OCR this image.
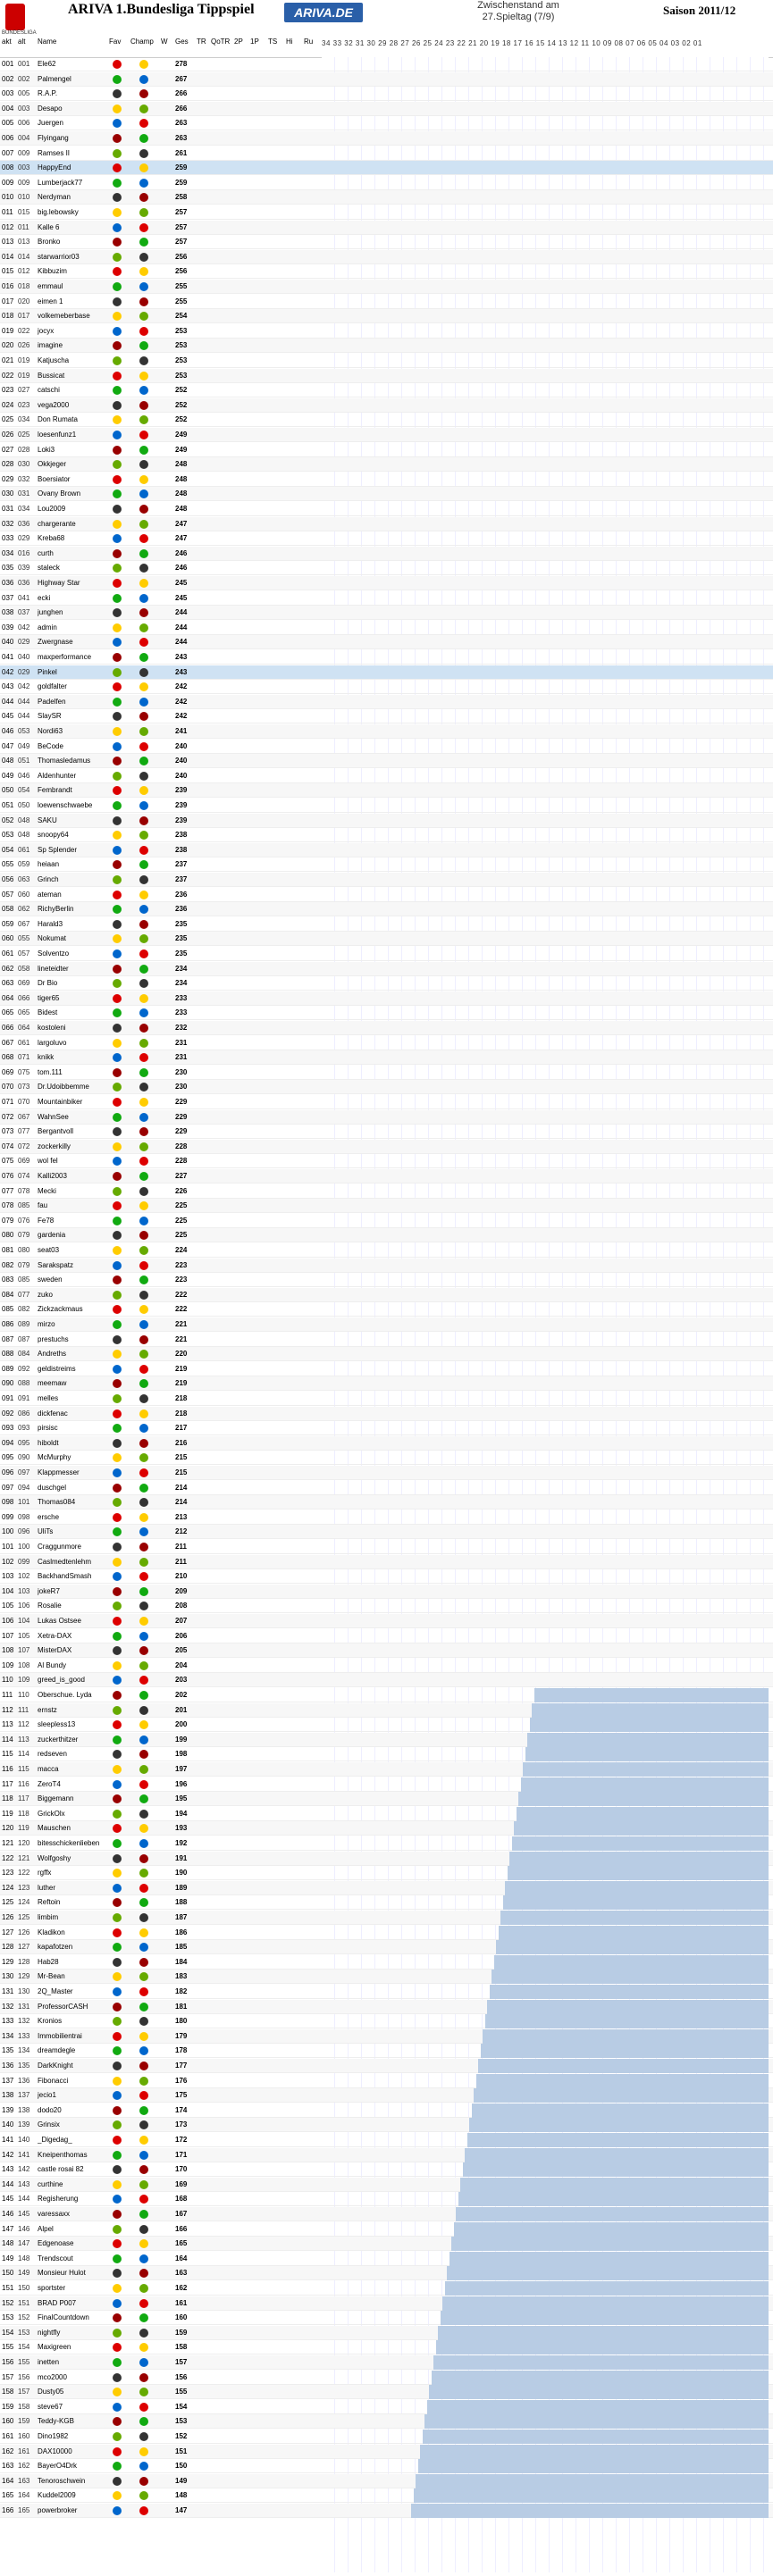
BUNDESLIGA
ARIVA 1.Bundesliga Tippspiel	ARIVA.DE	Zwischenstand am
27.Spieltag (7/9)	Saison 2011/12
akt alt Name	Fav Champ W Ges TR QoTR 2P 1P TS Hi Ru 34 33 32 31 30 29 28 27 26 25 24 23 22 21 20 19 18 17 16 15 14 13 12 11 10 09 08 07 06 05 04 03 02 01
001 001	Ele62	278
002 002	Palmengel	267
003 005	R.A.P.	266
004 003	Desapo	266
005 006	Juergen	263
006 004	Flyingang	263
007 009	Ramses II	261
008 003	HappyEnd	259
009 009	Lumberjack77	259
010 010	Nerdyman	258
011 015	big.lebowsky	257
012 011	Kalle 6	257
013 013	Bronko	257
014 014	starwarrior03	256
015 012	Kibbuzim	256
016 018	emmaul	255
017 020	eimen 1	255
018 017	volkemeberbase	254
019 022	jocyx	253
020 026	imagine	253
021 019	Katjuscha	253
022 019	Bussicat	253
023 027	catschi	252
024 023	vega2000	252
025 034	Don Rumata	252
026 025	loesenfunz1	249
027 028	Loki3	249
028 030	Okkjeger	248
029 032	Boersiator	248
030 031	Ovany Brown	248
031 034	Lou2009	248
032 036	chargerante	247
033 029	Kreba68	247
034 016	curth	246
035 039	staleck	246
036 036	Highway Star	245
037 041	ecki	245
038 037	junghen	244
039 042	admin	244
040 029	Zwergnase	244
041 040	maxperformance	243
042 029	Pinkel	243
043 042	goldfalter	242
044 044	Padelfen	242
045 044	SlaySR	242
046 053	Nordi63	241
047 049	BeCode	240
048 051	Thomasledamus	240
049 046	Aldenhunter	240
050 054	Fembrandt	239
051 050	loewenschwaebe	239
052 048	SAKU	239
053 048	snoopy64	238
054 061	Sp Splender	238
055 059	heiaan	237
056 063	Grinch	237
057 060	ateman	236
058 062	RichyBerlin	236
059 067	Harald3	235
060 055	Nokumat	235
061 057	Solventzo	235
062 058	lineteidter	234
063 069	Dr Bio	234
064 066	tiger65	233
065 065	Bidest	233
066 064	kostoleni	232
067 061	largoluvo	231
068 071	knikk	231
069 075	tom.111	230
070 073	Dr.Udoibbemme	230
071 070	Mountainbiker	229
072 067	WahnSee	229
073 077	Bergantvoll	229
074 072	zockerkilly	228
075 069	wol fel	228
076 074	Kalli2003	227
077 078	Mecki	226
078 085	fau	225
079 076	Fe78	225
080 079	gardenia	225
081 080	seat03	224
082 079	Sarakspatz	223
083 085	sweden	223
084 077	zuko	222
085 082	Zickzackmaus	222
086 089	mirzo	221
087 087	prestuchs	221
088 084	Andreths	220
089 092	geldistreims	219
090 088	meemaw	219
091 091	melles	218
092 086	dickfenac	218
093 093	pirsisc	217
094 095	hiboldt	216
095 090	McMurphy	215
096 097	Klappmesser	215
097 094	duschgel	214
098 101	Thomas084	214
099 098	ersche	213
100 096	UliTs	212
101 100	Craggunmore	211
102 099	Caslmedtenlehm	211
103 102	BackhandSmash	210
104 103	jokeR7	209
105 106	Rosalie	208
106 104	Lukas Ostsee	207
107 105	Xetra-DAX	206
108 107	MisterDAX	205
109 108	Al Bundy	204
110 109	greed_is_good	203
111 110	Oberschue. Lyda	202
112 111	ernstz	201
113 112	sleepless13	200
114 113	zuckerthitzer	199
115 114	redseven	198
116 115	macca	197
117 116	ZeroT4	196
118 117	Biggemann	195
119 118	GrickOlx	194
120 119	Mauschen	193
121 120	bitesschickenlieben	192
122 121	Wolfgoshy	191
123 122	rgffx	190
124 123	luther	189
125 124	Reftoin	188
126 125	limbim	187
127 126	Kladikon	186
128 127	kapafotzen	185
129 128	Hab28	184
130 129	Mr-Bean	183
131 130	2Q_Master	182
132 131	ProfessorCASH	181
133 132	Kronios	180
134 133	Immobilientrai	179
135 134	dreamdegle	178
136 135	DarkKnight	177
137 136	Fibonacci	176
138 137	jecio1	175
139 138	dodo20	174
140 139	Grinsix	173
141 140	_Digedag_	172
142 141	Kneipenthomas	171
143 142	castle rosai 82	170
144 143	curthine	169
145 144	Regisherung	168
146 145	varessaxx	167
147 146	Alpel	166
148 147	Edgenoase	165
149 148	Trendscout	164
150 149	Monsieur Hulot	163
151 150	sportster	162
152 151	BRAD P007	161
153 152	FinalCountdown	160
154 153	nightfly	159
155 154	Maxigreen	158
156 155	inetten	157
157 156	mco2000	156
158 157	Dusty05	155
159 158	steve67	154
160 159	Teddy-KGB	153
161 160	Dino1982	152
162 161	DAX10000	151
163 162	BayerO4Drk	150
164 163	Tenoroschwein	149
165 164	Kuddel2009	148
166 165	powerbroker	147
